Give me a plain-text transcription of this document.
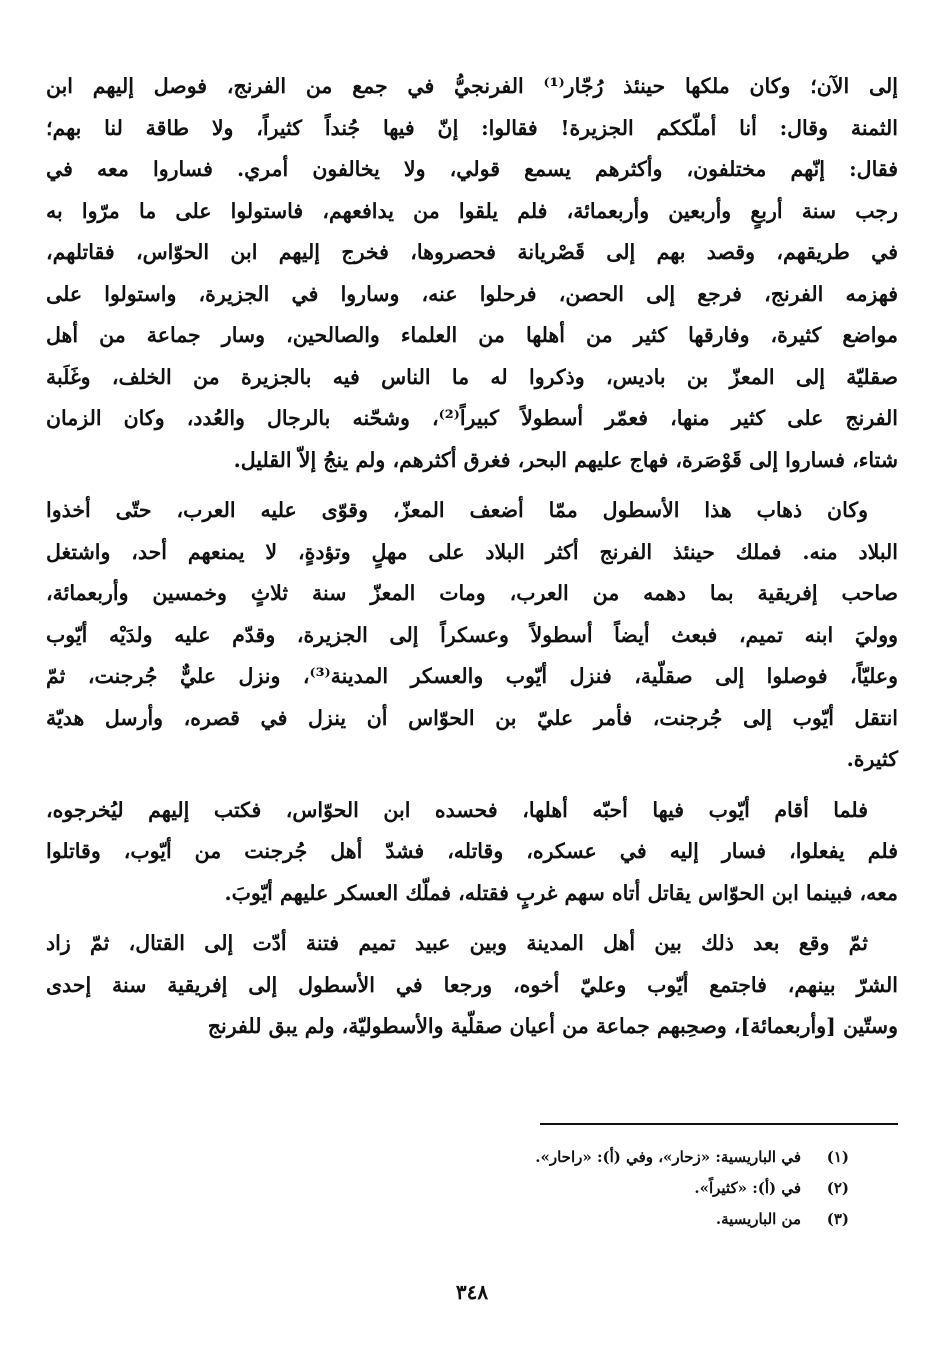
إلى الآن؛ وكان ملكها حينئذ رُجّار⁽¹⁾ الفرنجيُّ في جمع من الفرنج، فوصل إليهم ابن
الثمنة وقال: أنا أملّككم الجزيرة! فقالوا: إنّ فيها جُنداً كثيراً، ولا طاقة لنا بهم؛
فقال: إنّهم مختلفون، وأكثرهم يسمع قولي، ولا يخالفون أمري. فساروا معه في
رجب سنة أربعٍ وأربعين وأربعمائة، فلم يلقوا من يدافعهم، فاستولوا على ما مرّوا به
في طريقهم، وقصد بهم إلى قَصْريانة فحصروها، فخرج إليهم ابن الحوّاس، فقاتلهم،
فهزمه الفرنج، فرجع إلى الحصن، فرحلوا عنه، وساروا في الجزيرة، واستولوا على
مواضع كثيرة، وفارقها كثير من أهلها من العلماء والصالحين، وسار جماعة من أهل
صقليّة إلى المعزّ بن باديس، وذكروا له ما الناس فيه بالجزيرة من الخلف، وغَلَبة
الفرنج على كثير منها، فعمّر أسطولاً كبيراً⁽²⁾، وشحّنه بالرجال والعُدد، وكان الزمان
شتاء، فساروا إلى قَوْصَرة، فهاج عليهم البحر، فغرق أكثرهم، ولم ينجُ إلاّ القليل.
وكان ذهاب هذا الأسطول ممّا أضعف المعزّ، وقوّى عليه العرب، حتّى أخذوا
البلاد منه. فملك حينئذ الفرنج أكثر البلاد على مهلٍ وتؤدةٍ، لا يمنعهم أحد، واشتغل
صاحب إفريقية بما دهمه من العرب، ومات المعزّ سنة ثلاثٍ وخمسين وأربعمائة،
ووليَ ابنه تميم، فبعث أيضاً أسطولاً وعسكراً إلى الجزيرة، وقدّم عليه ولدَيْه أيّوب
وعليّاً، فوصلوا إلى صقلّية، فنزل أيّوب والعسكر المدينة⁽³⁾، ونزل عليٌّ جُرجنت، ثمّ
انتقل أيّوب إلى جُرجنت، فأمر عليّ بن الحوّاس أن ينزل في قصره، وأرسل هديّة
كثيرة.
فلما أقام أيّوب فيها أحبّه أهلها، فحسده ابن الحوّاس، فكتب إليهم ليُخرجوه،
فلم يفعلوا، فسار إليه في عسكره، وقاتله، فشدّ أهل جُرجنت من أيّوب، وقاتلوا
معه، فبينما ابن الحوّاس يقاتل أتاه سهم غربٍ فقتله، فملّك العسكر عليهم أيّوبَ.
ثمّ وقع بعد ذلك بين أهل المدينة وبين عبيد تميم فتنة أدّت إلى القتال، ثمّ زاد
الشرّ بينهم، فاجتمع أيّوب وعليّ أخوه، ورجعا في الأسطول إلى إفريقية سنة إحدى
وستّين [وأربعمائة]، وصحِبهم جماعة من أعيان صقلّية والأسطوليّة، ولم يبق للفرنج
(١)في الباريسية: «زحار»، وفي (أ): «راحار».
(٢)في (أ): «كثيراً».
(٣)من الباريسية.
٣٤٨
